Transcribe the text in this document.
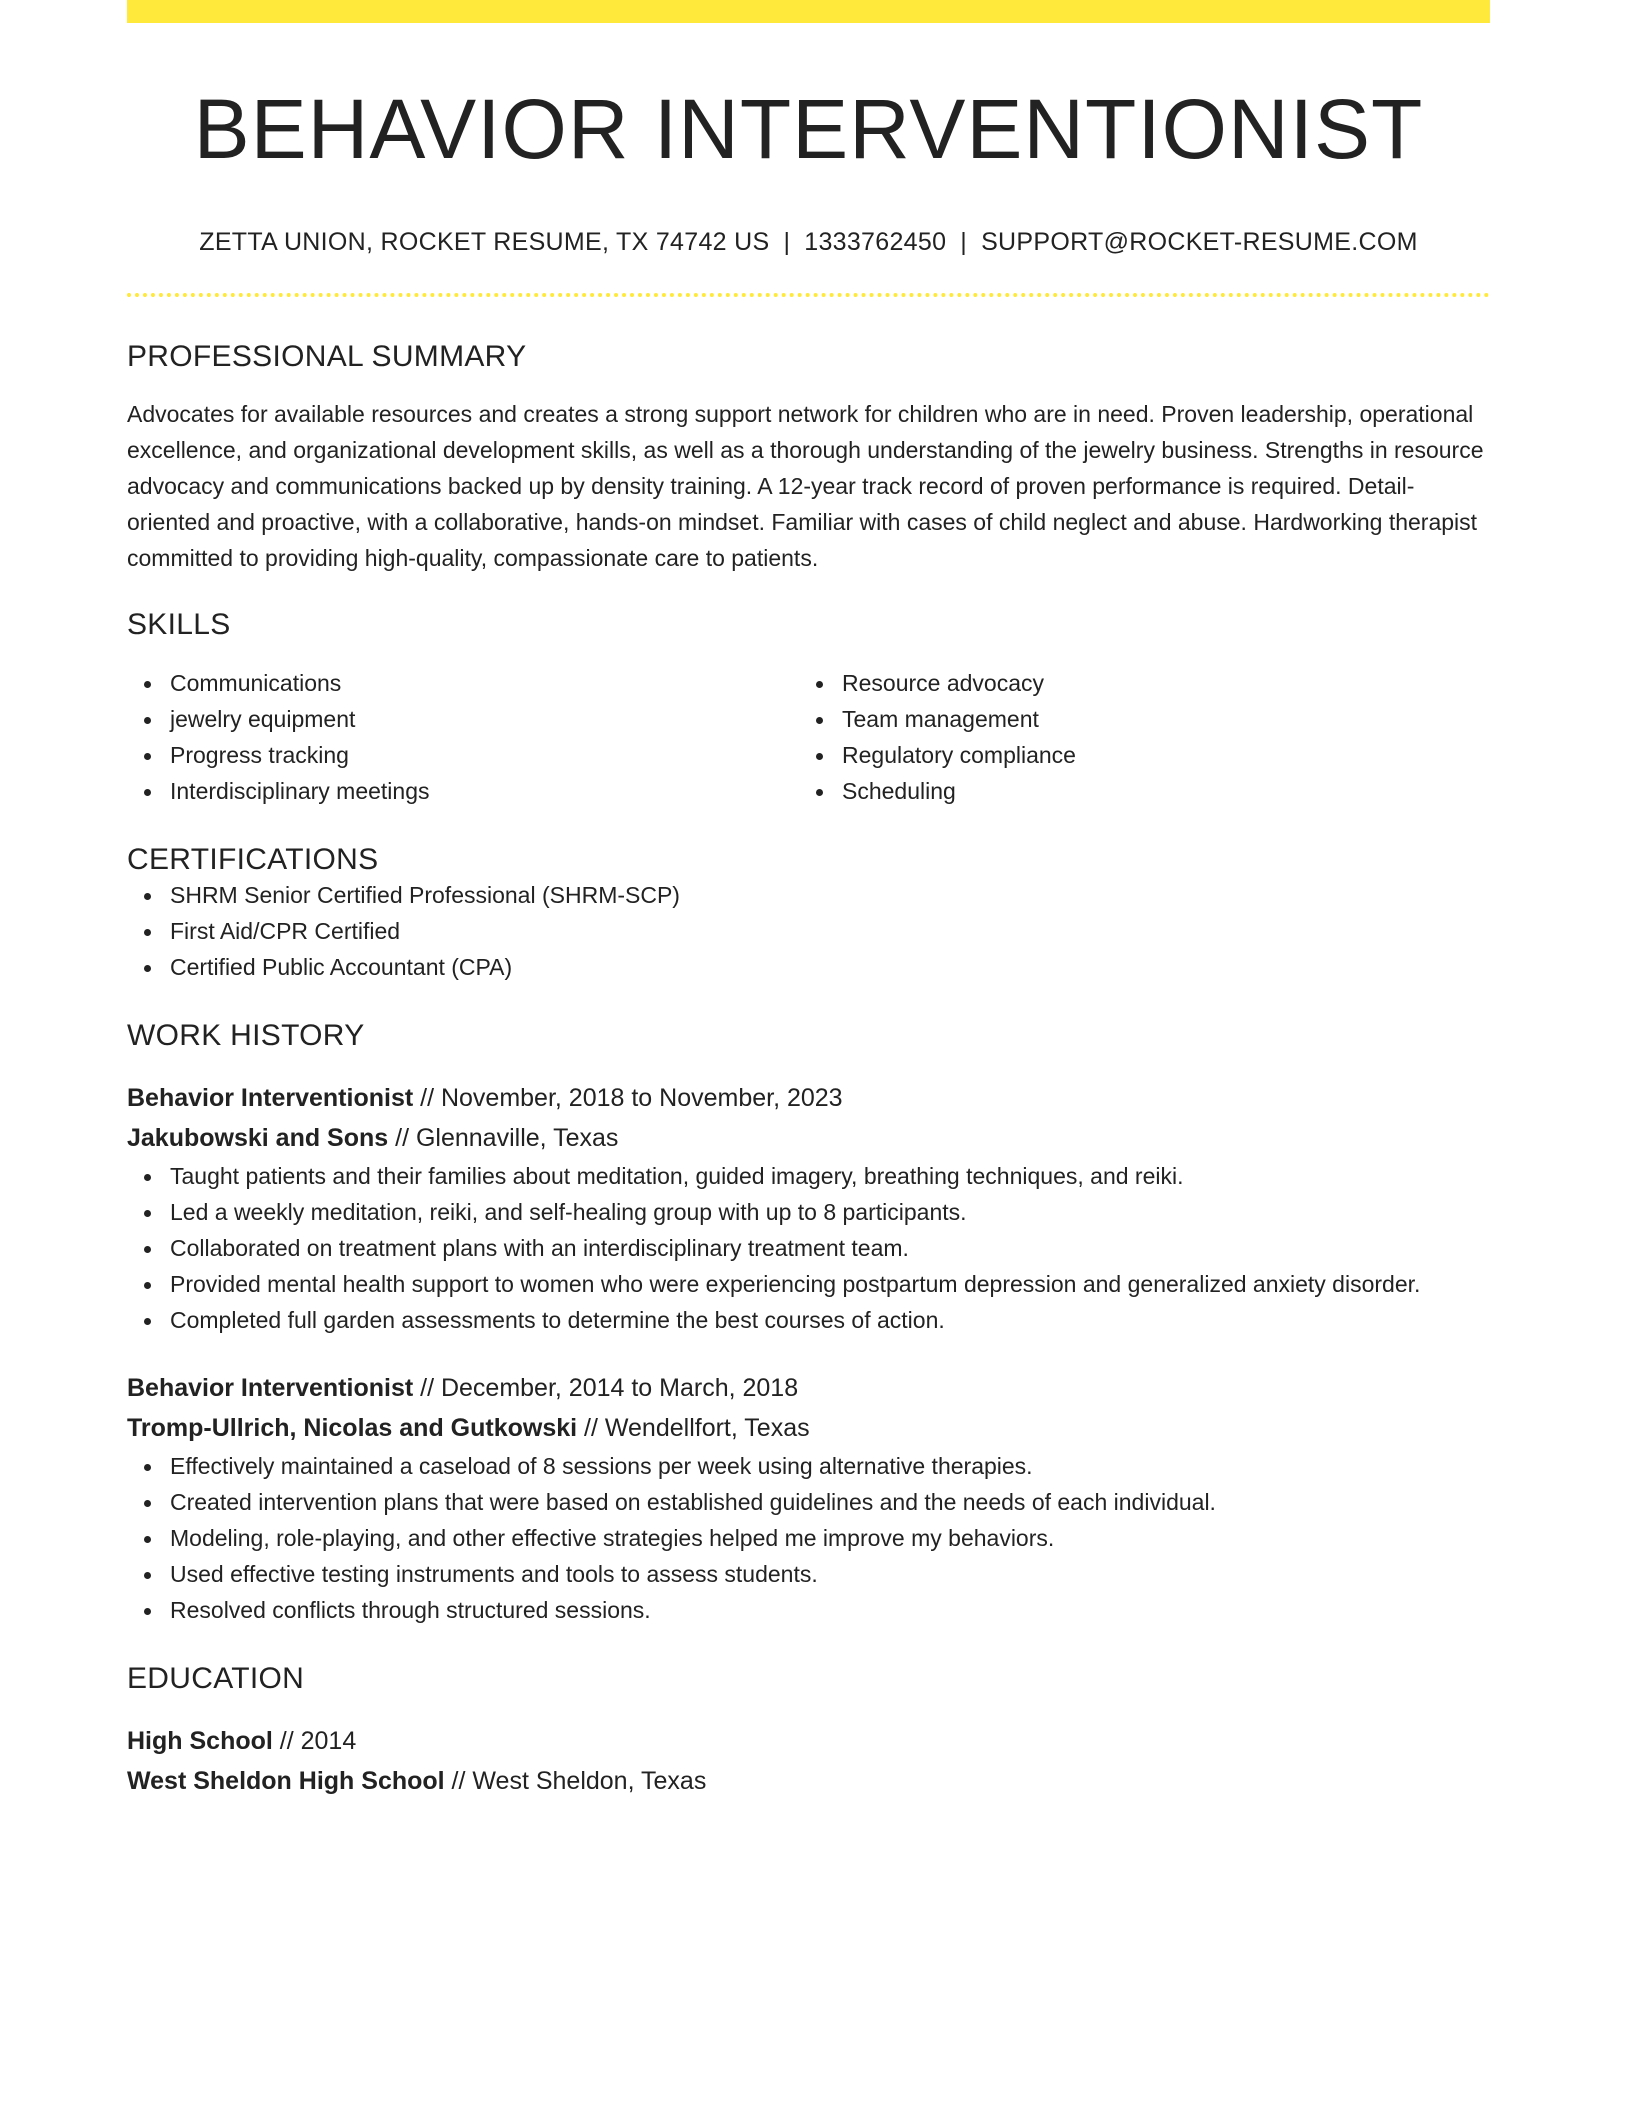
BEHAVIOR INTERVENTIONIST
ZETTA UNION, ROCKET RESUME, TX 74742 US | 1333762450 | SUPPORT@ROCKET-RESUME.COM
PROFESSIONAL SUMMARY
Advocates for available resources and creates a strong support network for children who are in need. Proven leadership, operational excellence, and organizational development skills, as well as a thorough understanding of the jewelry business. Strengths in resource advocacy and communications backed up by density training. A 12-year track record of proven performance is required. Detail-oriented and proactive, with a collaborative, hands-on mindset. Familiar with cases of child neglect and abuse. Hardworking therapist committed to providing high-quality, compassionate care to patients.
SKILLS
Communications
jewelry equipment
Progress tracking
Interdisciplinary meetings
Resource advocacy
Team management
Regulatory compliance
Scheduling
CERTIFICATIONS
SHRM Senior Certified Professional (SHRM-SCP)
First Aid/CPR Certified
Certified Public Accountant (CPA)
WORK HISTORY
Behavior Interventionist // November, 2018 to November, 2023
Jakubowski and Sons // Glennaville, Texas
Taught patients and their families about meditation, guided imagery, breathing techniques, and reiki.
Led a weekly meditation, reiki, and self-healing group with up to 8 participants.
Collaborated on treatment plans with an interdisciplinary treatment team.
Provided mental health support to women who were experiencing postpartum depression and generalized anxiety disorder.
Completed full garden assessments to determine the best courses of action.
Behavior Interventionist // December, 2014 to March, 2018
Tromp-Ullrich, Nicolas and Gutkowski // Wendellfort, Texas
Effectively maintained a caseload of 8 sessions per week using alternative therapies.
Created intervention plans that were based on established guidelines and the needs of each individual.
Modeling, role-playing, and other effective strategies helped me improve my behaviors.
Used effective testing instruments and tools to assess students.
Resolved conflicts through structured sessions.
EDUCATION
High School // 2014
West Sheldon High School // West Sheldon, Texas
